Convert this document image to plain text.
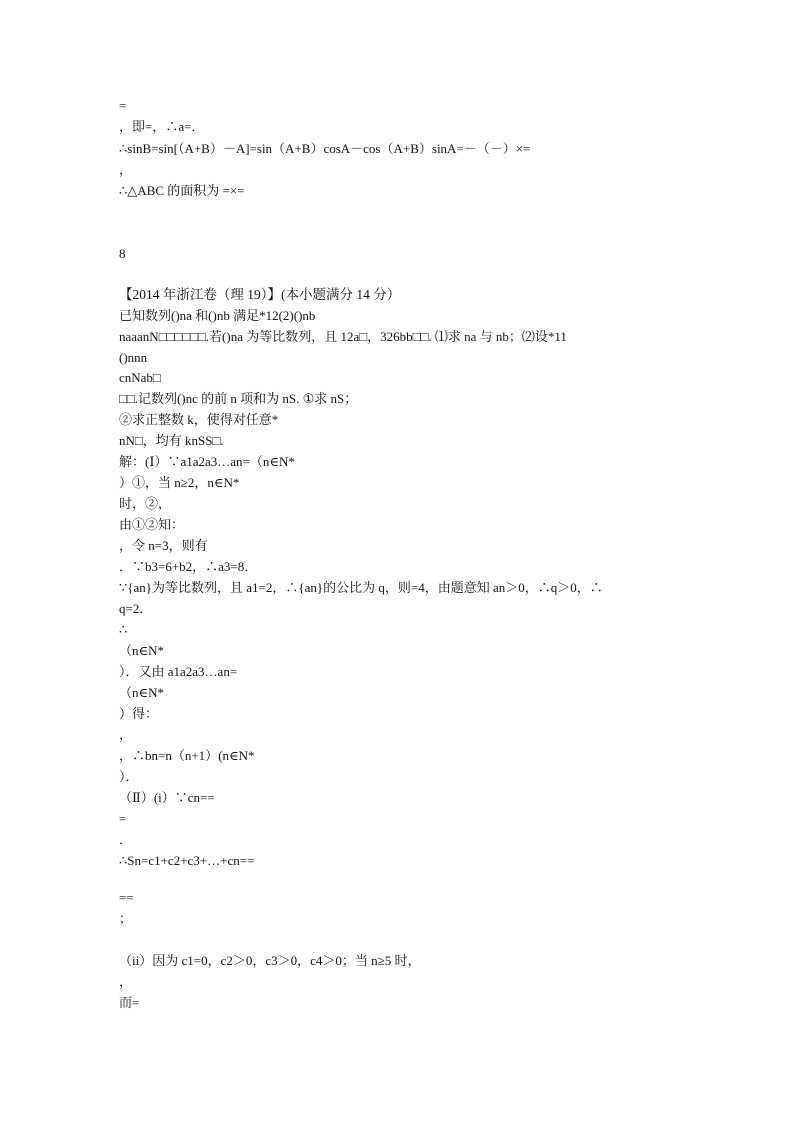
=
，即=，∴a=．
∴sinB=sin[（A+B）－A]=sin（A+B）cosA－cos（A+B）sinA=－（－）×=
，
∴△ABC 的面积为 =×=
8
【2014 年浙江卷（理 19）】(本小题满分 14 分）
已知数列()na 和()nb 满足*12(2)()nb
naaanN□□□□□□.若()na 为等比数列，且 12a□，326bb□□. ⑴求 na 与 nb；⑵设*11
()nnn
cnNab□
□□.记数列()nc 的前 n 项和为 nS. ①求 nS；
②求正整数 k，使得对任意*
nN□，均有 knSS□.
解：(Ⅰ）∵a1a2a3…an=（n∈N*
）①，当 n≥2，n∈N*
时，②，
由①②知：
，令 n=3，则有
．∵b3=6+b2，∴a3=8．
∵{an}为等比数列，且 a1=2，∴{an}的公比为 q，则=4，由题意知 an＞0，∴q＞0，∴
q=2．
∴
（n∈N*
）．又由 a1a2a3…an=
（n∈N*
）得：
，
，∴bn=n（n+1）(n∈N*
）．
（Ⅱ）(i）∵cn==
=
．
∴Sn=c1+c2+c3+…+cn==
==
；
（ii）因为 c1=0，c2＞0，c3＞0，c4＞0；当 n≥5 时，
，
而=
